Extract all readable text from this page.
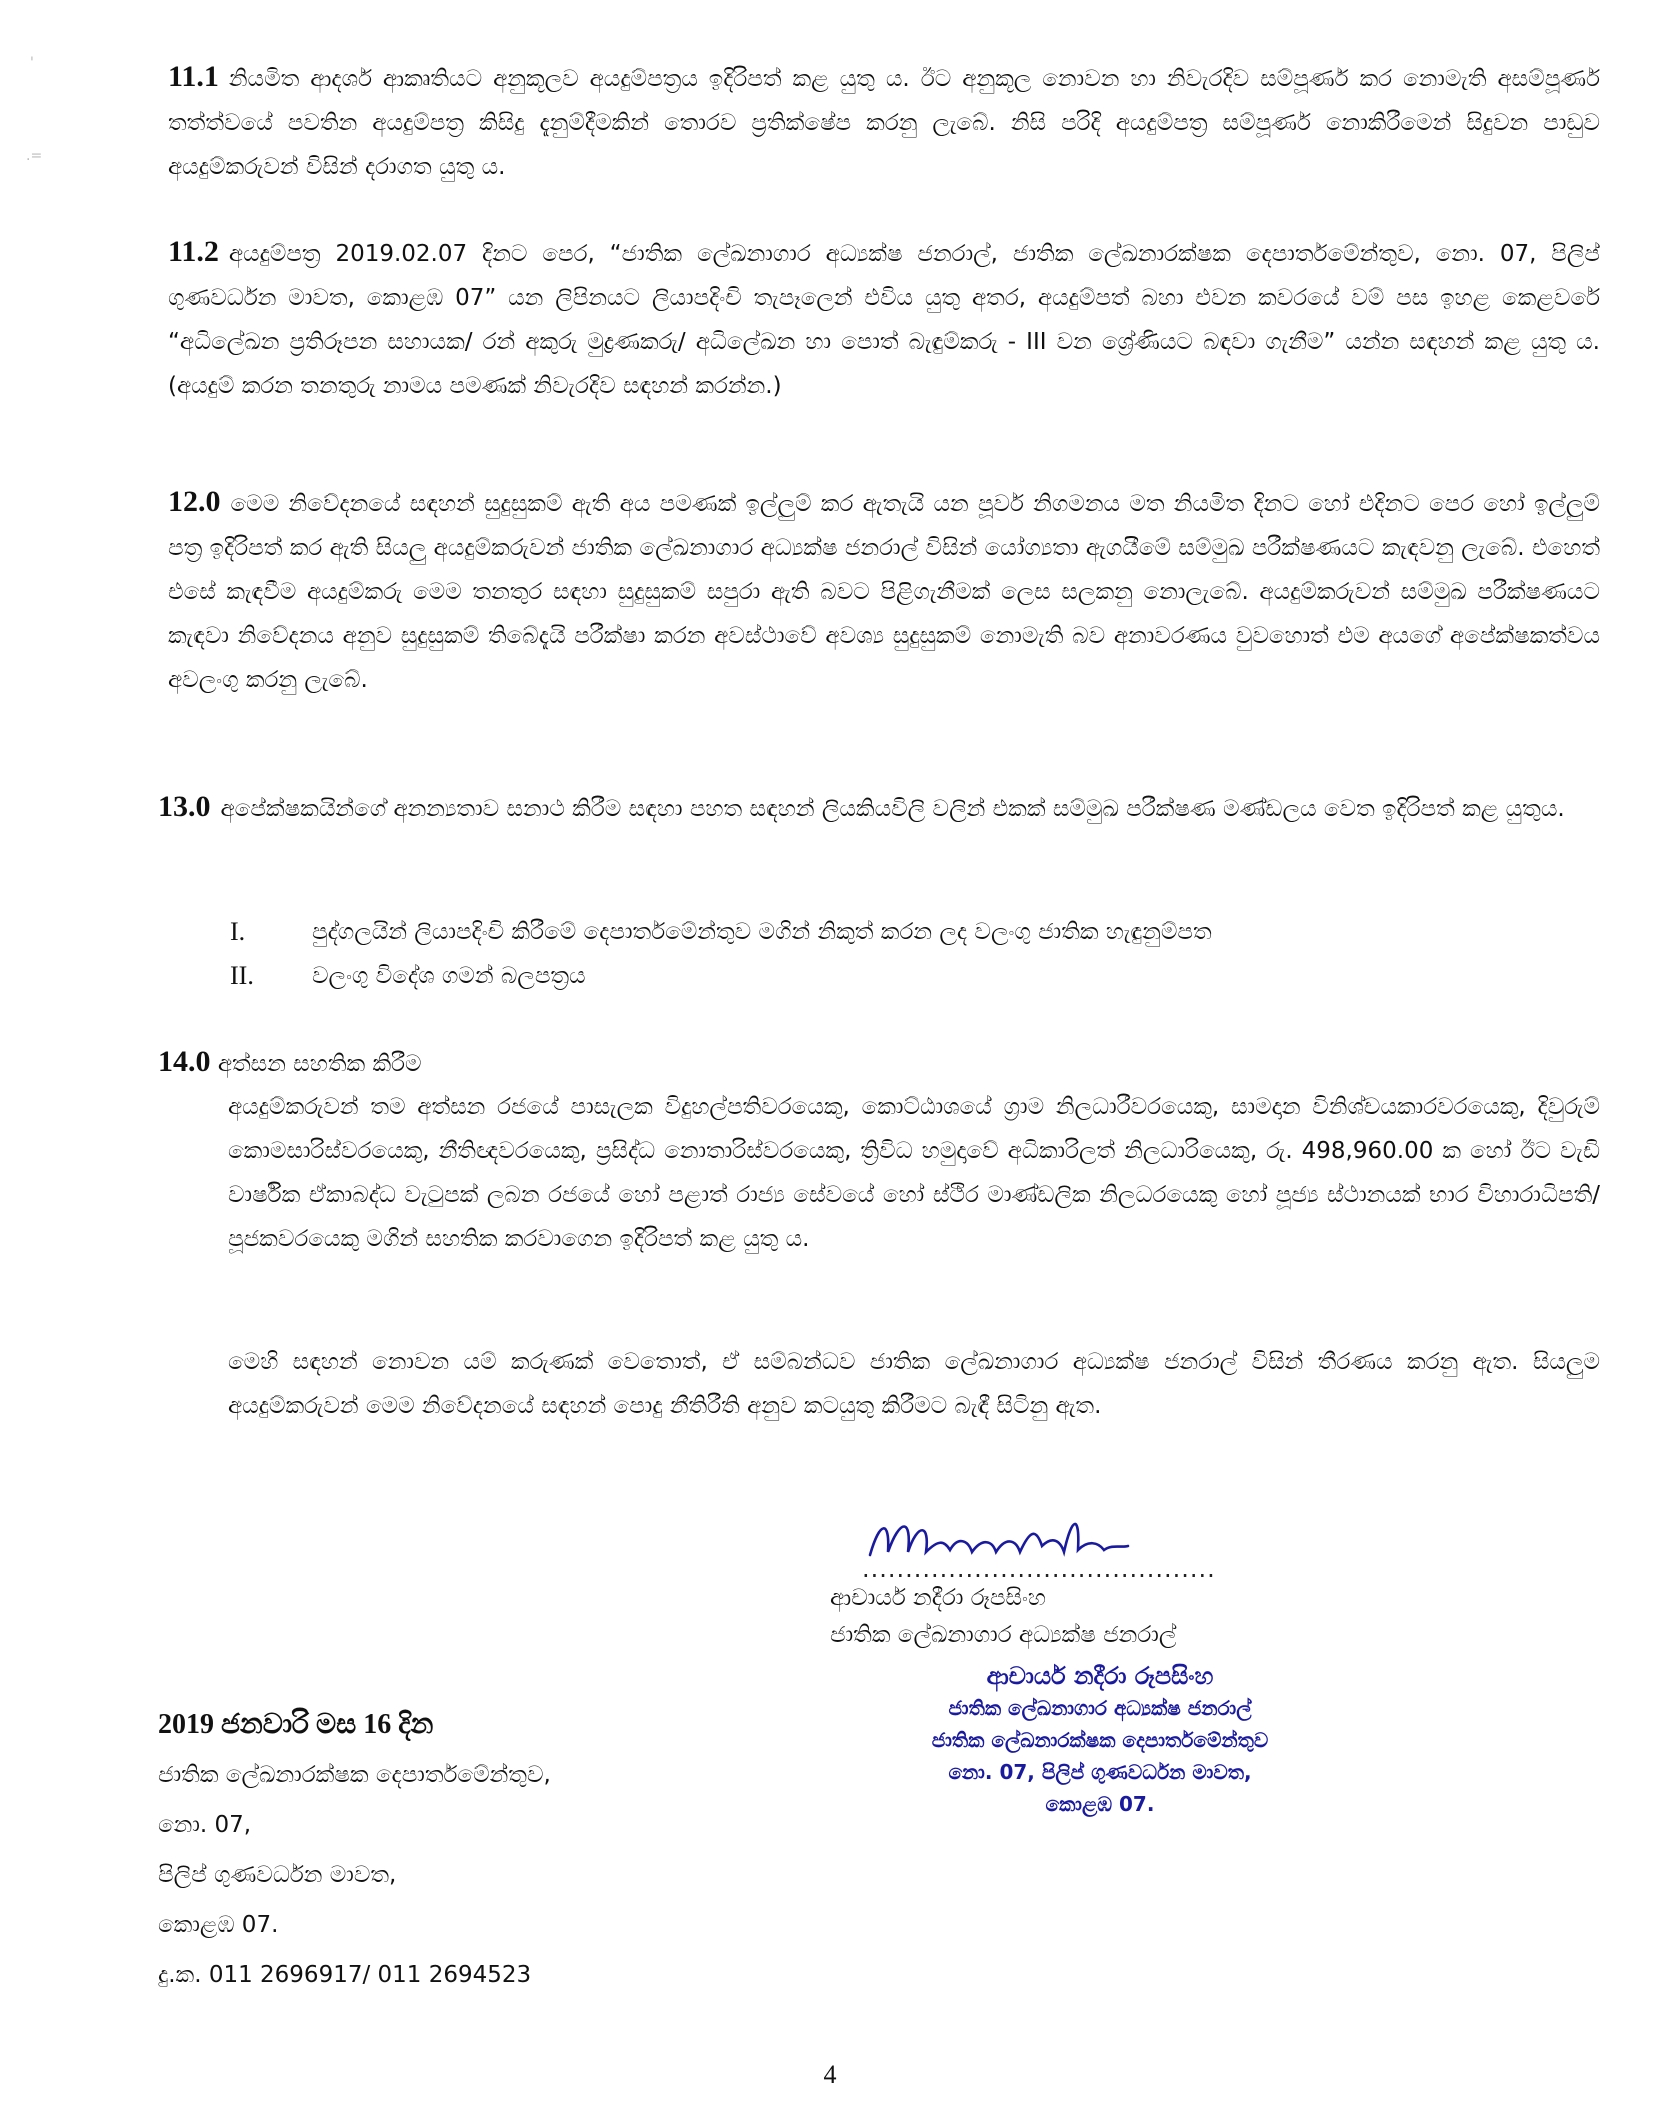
'
.=
11.1 නියමිත ආදර්ශ ආකෘතියට අනුකූලව අයදුම්පත්‍රය ඉදිරිපත් කළ යුතු ය. ඊට අනුකූල නොවන හා නිවැරදිව සම්පූර්ණ කර නොමැති අසම්පූර්ණ තත්ත්වයේ පවතින අයදුම්පත්‍ර කිසිදු දැනුම්දීමකින් තොරව ප්‍රතික්ෂේප කරනු ලැබේ. නිසි පරිදි අයදුම්පත්‍ර සම්පූර්ණ නොකිරීමෙන් සිදුවන පාඩුව අයදුම්කරුවන් විසින් දරාගත යුතු ය.
11.2 අයදුම්පත්‍ර 2019.02.07 දිනට පෙර, “ජාතික ලේඛනාගාර අධ්‍යක්ෂ ජනරාල්, ජාතික ලේඛනාරක්ෂක දෙපාර්තමේන්තුව, නො. 07, පිලිප් ගුණවර්ධන මාවත, කොළඹ 07” යන ලිපිනයට ලියාපදිංචි තැපෑලෙන් එවිය යුතු අතර, අයදුම්පත් බහා එවන කවරයේ වම් පස ඉහළ කෙළවරේ “අධිලේඛන ප්‍රතිරූපන සහායක/ රන් අකුරු මුද්‍රණකරු/ අධිලේඛන හා පොත් බැඳුම්කරු - III වන ශ්‍රේණියට බඳවා ගැනීම” යන්න සඳහන් කළ යුතු ය. (අයදුම් කරන තනතුරු නාමය පමණක් නිවැරදිව සඳහන් කරන්න.)
12.0 මෙම නිවේදනයේ සඳහන් සුදුසුකම් ඇති අය පමණක් ඉල්ලුම් කර ඇතැයි යන පූර්ව නිගමනය මත නියමිත දිනට හෝ එදිනට පෙර හෝ ඉල්ලුම් පත්‍ර ඉදිරිපත් කර ඇති සියලු අයදුම්කරුවන් ජාතික ලේඛනාගාර අධ්‍යක්ෂ ජනරාල් විසින් යෝග්‍යතා ඇගයීමේ සම්මුඛ පරීක්ෂණයට කැඳවනු ලැබේ. එහෙත් එසේ කැඳවීම අයදුම්කරු මෙම තනතුර සඳහා සුදුසුකම් සපුරා ඇති බවට පිළිගැනීමක් ලෙස සලකනු නොලැබේ. අයදුම්කරුවන් සම්මුඛ පරීක්ෂණයට කැඳවා නිවේදනය අනුව සුදුසුකම් තිබේදැයි පරීක්ෂා කරන අවස්ථාවේ අවශ්‍ය සුදුසුකම් නොමැති බව අනාවරණය වුවහොත් එම අයගේ අපේක්ෂකත්වය අවලංගු කරනු ලැබේ.
13.0 අපේක්ෂකයින්ගේ අනන්‍යතාව සනාථ කිරීම සඳහා පහත සඳහන් ලියකියවිලි වලින් එකක් සම්මුඛ පරීක්ෂණ මණ්ඩලය වෙත ඉදිරිපත් කළ යුතුය.
I.	පුද්ගලයින් ලියාපදිංචි කිරීමේ දෙපාර්තමේන්තුව මගින් නිකුත් කරන ලද වලංගු ජාතික හැඳුනුම්පත
II.	වලංගු විදේශ ගමන් බලපත්‍රය
14.0 අත්සන සහතික කිරීම
අයදුම්කරුවන් තම අත්සන රජයේ පාසැලක විදුහල්පතිවරයෙකු, කොට්ඨාශයේ ග්‍රාම නිලධාරීවරයෙකු, සාමදාන විනිශ්චයකාරවරයෙකු, දිවුරුම් කොමසාරිස්වරයෙකු, නීතිඥවරයෙකු, ප්‍රසිද්ධ නොතාරිස්වරයෙකු, ත්‍රිවිධ හමුදාවේ අධිකාරිලත් නිලධාරියෙකු, රු. 498,960.00 ක හෝ ඊට වැඩි වාර්ෂික ඒකාබද්ධ වැටුපක් ලබන රජයේ හෝ පළාත් රාජ්‍ය සේවයේ හෝ ස්ථිර මාණ්ඩලික නිලධරයෙකු හෝ පූජ්‍ය ස්ථානයක් භාර විහාරාධිපති/ පූජකවරයෙකු මගින් සහතික කරවාගෙන ඉදිරිපත් කළ යුතු ය.
මෙහි සඳහන් නොවන යම් කරුණක් වෙතොත්, ඒ සම්බන්ධව ජාතික ලේඛනාගාර අධ්‍යක්ෂ ජනරාල් විසින් තීරණය කරනු ඇත. සියලුම අයදුම්කරුවන් මෙම නිවේදනයේ සඳහන් පොදු නීතිරීති අනුව කටයුතු කිරීමට බැඳී සිටිනු ඇත.
.........................................
ආචාර්ය නදීරා රූපසිංහ
ජාතික ලේඛනාගාර අධ්‍යක්ෂ ජනරාල්
ආචාර්ය නදීරා රූපසිංහ
ජාතික ලේඛනාගාර අධ්‍යක්ෂ ජනරාල්
ජාතික ලේඛනාරක්ෂක දෙපාර්තමේන්තුව
නො. 07, පිලිප් ගුණවර්ධන මාවත,
කොළඹ 07.
2019 ජනවාරි මස 16 දින
ජාතික ලේඛනාරක්ෂක දෙපාර්තමේන්තුව,
නො. 07,
පිලිප් ගුණවර්ධන මාවත,
කොළඹ 07.
දු.ක. 011 2696917/ 011 2694523
4
